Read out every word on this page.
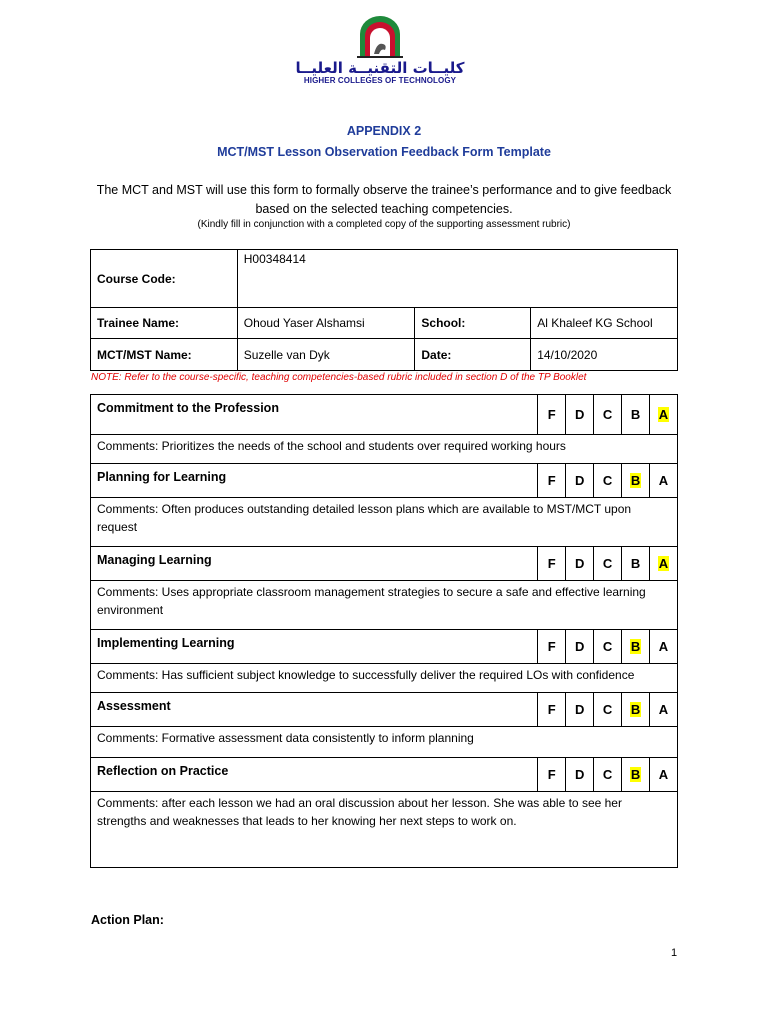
كليــات التقنيــة العليــا
HIGHER COLLEGES OF TECHNOLOGY
APPENDIX 2
MCT/MST Lesson Observation Feedback Form Template
The MCT and MST will use this form to formally observe the trainee’s performance and to give feedback
based on the selected teaching competencies.
(Kindly fill in conjunction with a completed copy of the supporting assessment rubric)
Course Code:	H00348414		
Trainee Name:	Ohoud Yaser Alshamsi	School:	Al Khaleef KG School
MCT/MST Name:	Suzelle van Dyk	Date:	14/10/2020
NOTE: Refer to the course-specific, teaching competencies-based rubric included in section D of the TP Booklet
Commitment to the Profession	F	D	C	B	A
Comments: Prioritizes the needs of the school and students over required working hours					
Planning for Learning	F	D	C	B	A
Comments: Often produces outstanding detailed lesson plans which are available to MST/MCT upon request					
Managing Learning	F	D	C	B	A
Comments: Uses appropriate classroom management strategies to secure a safe and effective learning environment					
Implementing Learning	F	D	C	B	A
Comments: Has sufficient subject knowledge to successfully deliver the required LOs with confidence					
Assessment	F	D	C	B	A
Comments: Formative assessment data consistently to inform planning					
Reflection on Practice	F	D	C	B	A
Comments: after each lesson we had an oral discussion about her lesson. She was able to see her strengths and weaknesses that leads to her knowing her next steps to work on.					
Action Plan:
1
